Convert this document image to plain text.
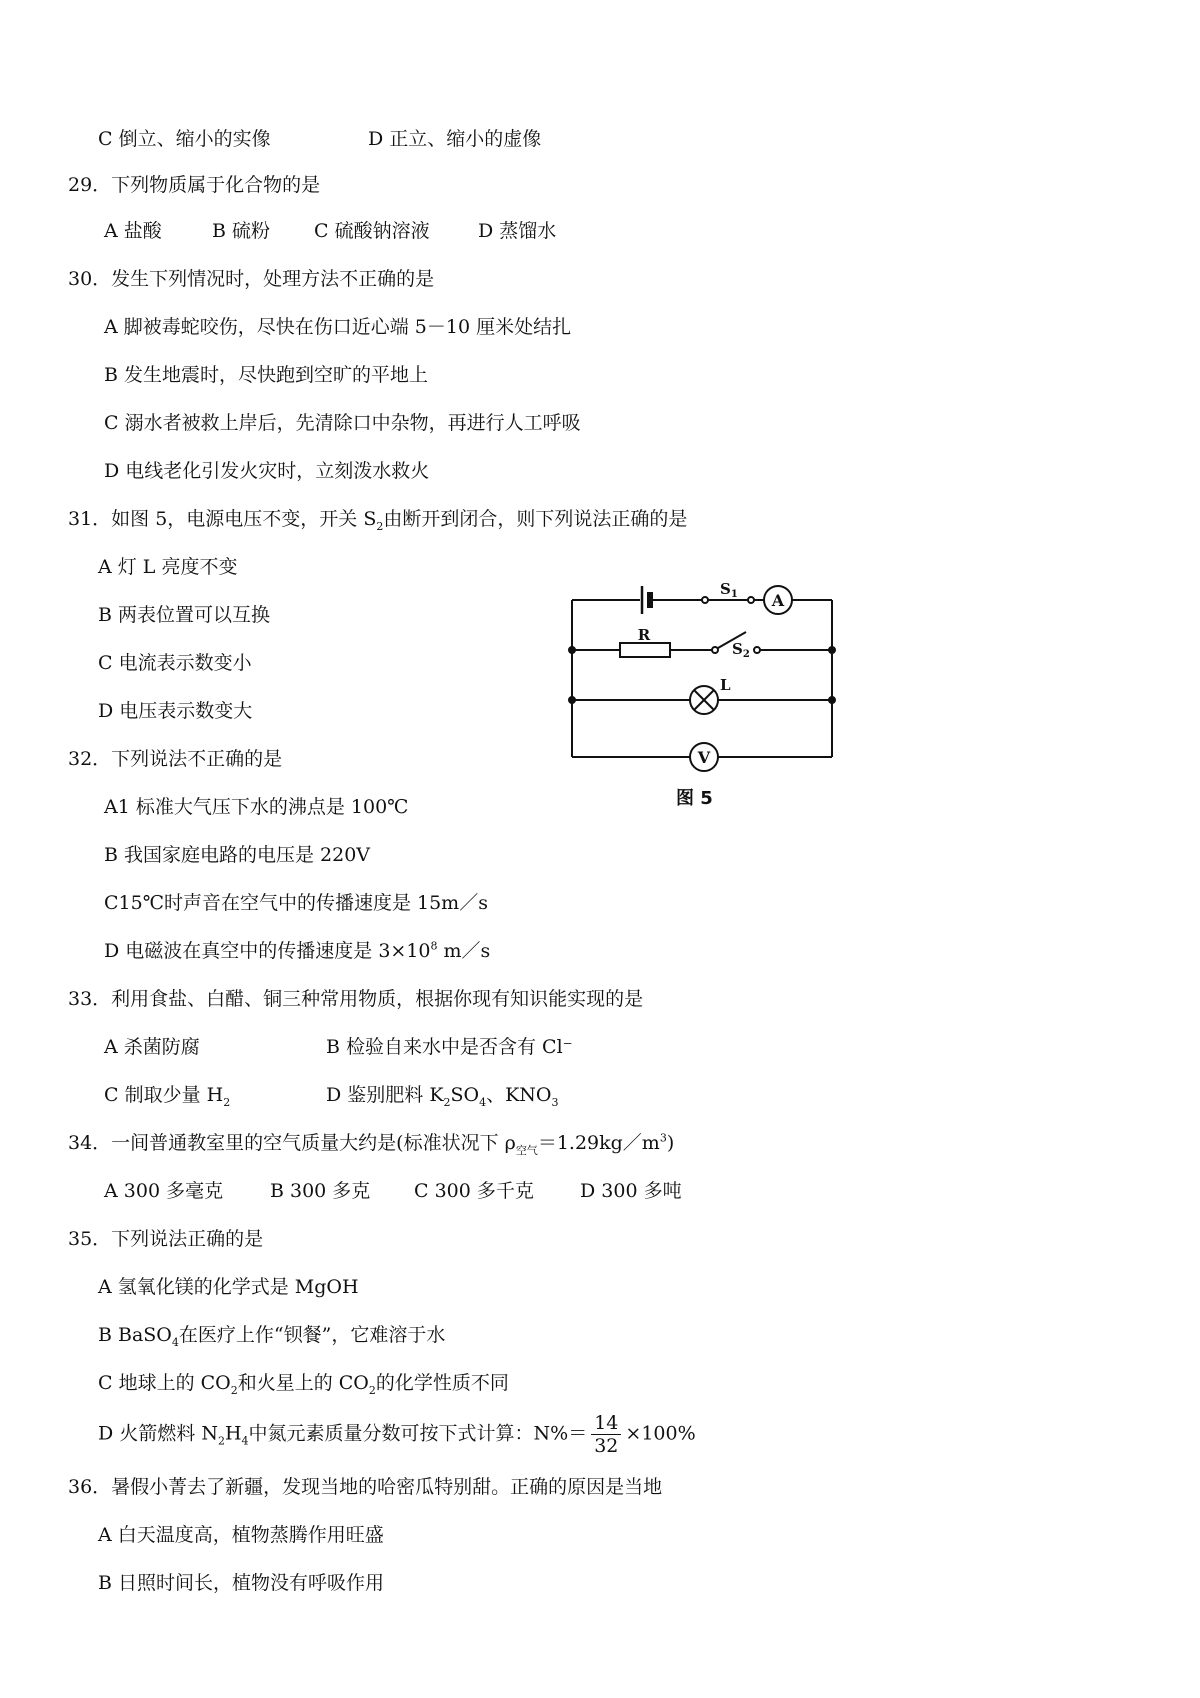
C 倒立、缩小的实像	D 正立、缩小的虚像
29．下列物质属于化合物的是
A 盐酸	B 硫粉 C 硫酸钠溶液	D 蒸馏水
30．发生下列情况时，处理方法不正确的是
A 脚被毒蛇咬伤，尽快在伤口近心端 5－10 厘米处结扎
B 发生地震时，尽快跑到空旷的平地上
C 溺水者被救上岸后，先清除口中杂物，再进行人工呼吸
D 电线老化引发火灾时，立刻泼水救火
31．如图 5，电源电压不变，开关 $S_2$由断开到闭合，则下列说法正确的是
A 灯 L 亮度不变
B 两表位置可以互换
C 电流表示数变小
D 电压表示数变大
$S_1$ A
R
$S_2$
L
V
图 5
32．下列说法不正确的是
A1 标准大气压下水的沸点是 100℃
B 我国家庭电路的电压是 220V
C15℃时声音在空气中的传播速度是 15m／s
D 电磁波在真空中的传播速度是 $3\times 10^8$ m／s
33．利用食盐、白醋、铜三种常用物质，根据你现有知识能实现的是
A 杀菌防腐	B 检验自来水中是否含有 Cl⁻
C 制取少量 $H_2$	D 鉴别肥料 $K_2SO_4$、$KNO_3$
34．一间普通教室里的空气质量大约是(标准状况下 $\rho_{空气}=1.29kg/m^3$)
A 300 多毫克 B 300 多克 C 300 多千克 D 300 多吨
35．下列说法正确的是
A 氢氧化镁的化学式是 MgOH
B BaSO$_4$在医疗上作“钡餐”，它难溶于水
C 地球上的 $CO_2$和火星上的 $CO_2$的化学性质不同
D 火箭燃料 $N_2H_4$中氮元素质量分数可按下式计算：$N\%= \frac{14}{32} \times 100\%$
36．暑假小菁去了新疆，发现当地的哈密瓜特别甜。正确的原因是当地
A 白天温度高，植物蒸腾作用旺盛
B 日照时间长，植物没有呼吸作用
